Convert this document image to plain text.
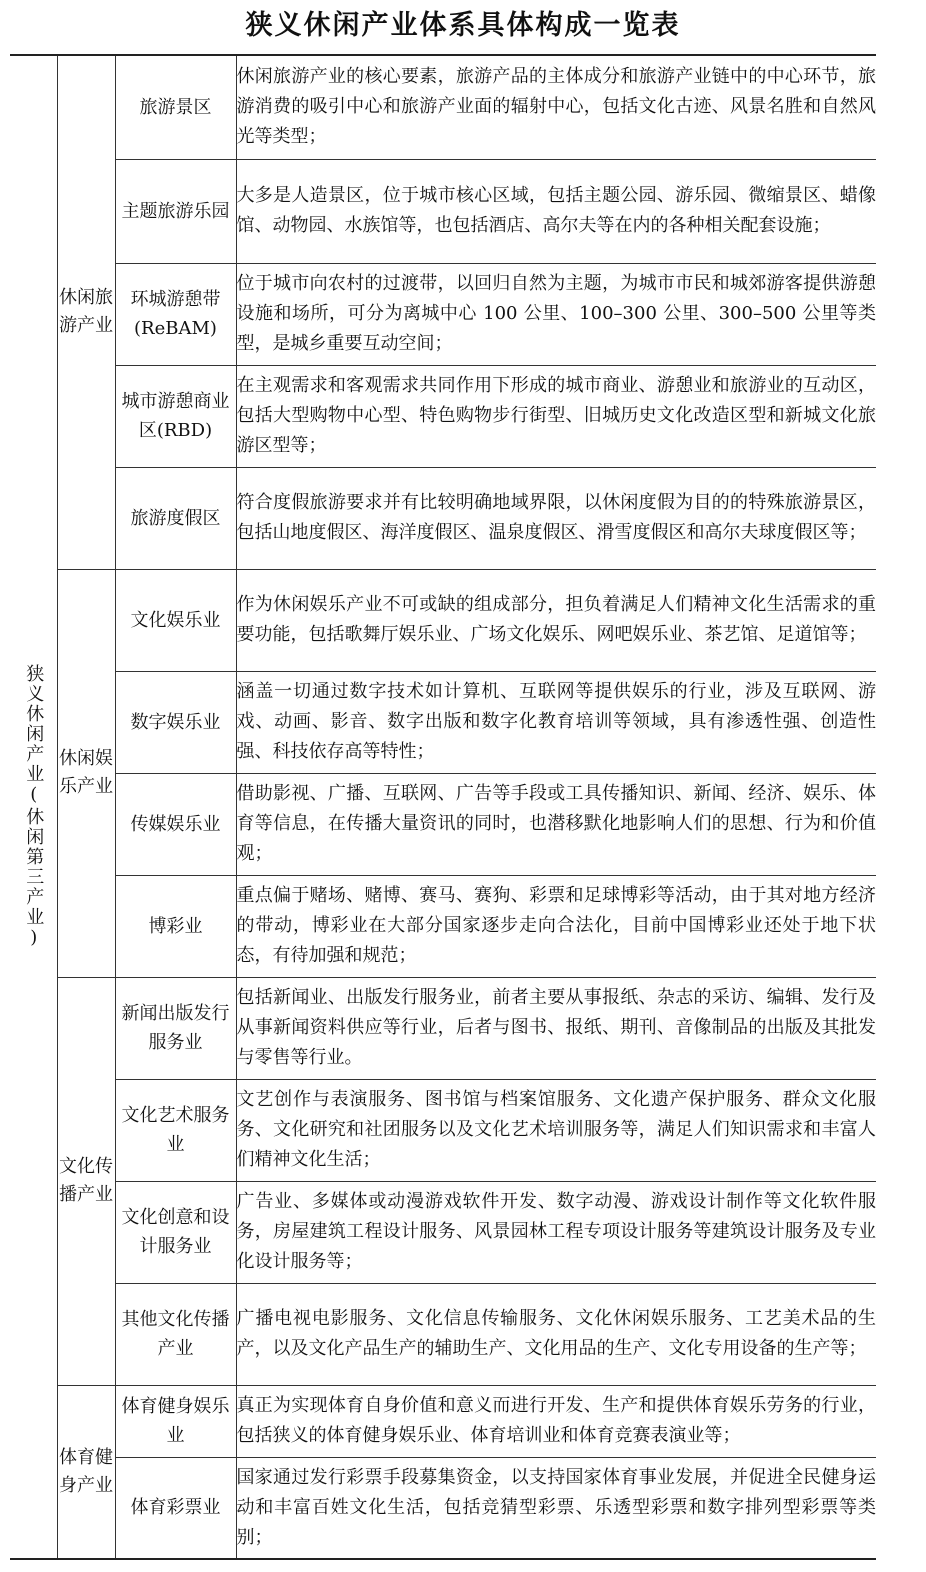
狭义休闲产业体系具体构成一览表
狭义休闲产业(休闲第三产业)	休闲旅游产业	旅游景区	休闲旅游产业的核心要素，旅游产品的主体成分和旅游产业链中的中心环节，旅游消费的吸引中心和旅游产业面的辐射中心，包括文化古迹、风景名胜和自然风光等类型；
		主题旅游乐园	大多是人造景区，位于城市核心区域，包括主题公园、游乐园、微缩景区、蜡像馆、动物园、水族馆等，也包括酒店、高尔夫等在内的各种相关配套设施；
		环城游憩带(ReBAM)	位于城市向农村的过渡带，以回归自然为主题，为城市市民和城郊游客提供游憩设施和场所，可分为离城中心 100 公里、100–300 公里、300–500 公里等类型，是城乡重要互动空间；
		城市游憩商业区(RBD)	在主观需求和客观需求共同作用下形成的城市商业、游憩业和旅游业的互动区，包括大型购物中心型、特色购物步行街型、旧城历史文化改造区型和新城文化旅游区型等；
		旅游度假区	符合度假旅游要求并有比较明确地域界限，以休闲度假为目的的特殊旅游景区，包括山地度假区、海洋度假区、温泉度假区、滑雪度假区和高尔夫球度假区等；
	休闲娱乐产业	文化娱乐业	作为休闲娱乐产业不可或缺的组成部分，担负着满足人们精神文化生活需求的重要功能，包括歌舞厅娱乐业、广场文化娱乐、网吧娱乐业、茶艺馆、足道馆等；
		数字娱乐业	涵盖一切通过数字技术如计算机、互联网等提供娱乐的行业，涉及互联网、游戏、动画、影音、数字出版和数字化教育培训等领域，具有渗透性强、创造性强、科技依存高等特性；
		传媒娱乐业	借助影视、广播、互联网、广告等手段或工具传播知识、新闻、经济、娱乐、体育等信息，在传播大量资讯的同时，也潜移默化地影响人们的思想、行为和价值观；
		博彩业	重点偏于赌场、赌博、赛马、赛狗、彩票和足球博彩等活动，由于其对地方经济的带动，博彩业在大部分国家逐步走向合法化，目前中国博彩业还处于地下状态，有待加强和规范；
	文化传播产业	新闻出版发行服务业	包括新闻业、出版发行服务业，前者主要从事报纸、杂志的采访、编辑、发行及从事新闻资料供应等行业，后者与图书、报纸、期刊、音像制品的出版及其批发与零售等行业。
		文化艺术服务业	文艺创作与表演服务、图书馆与档案馆服务、文化遗产保护服务、群众文化服务、文化研究和社团服务以及文化艺术培训服务等，满足人们知识需求和丰富人们精神文化生活；
		文化创意和设计服务业	广告业、多媒体或动漫游戏软件开发、数字动漫、游戏设计制作等文化软件服务，房屋建筑工程设计服务、风景园林工程专项设计服务等建筑设计服务及专业化设计服务等；
		其他文化传播产业	广播电视电影服务、文化信息传输服务、文化休闲娱乐服务、工艺美术品的生产，以及文化产品生产的辅助生产、文化用品的生产、文化专用设备的生产等；
	体育健身产业	体育健身娱乐业	真正为实现体育自身价值和意义而进行开发、生产和提供体育娱乐劳务的行业，包括狭义的体育健身娱乐业、体育培训业和体育竞赛表演业等；
		体育彩票业	国家通过发行彩票手段募集资金，以支持国家体育事业发展，并促进全民健身运动和丰富百姓文化生活，包括竞猜型彩票、乐透型彩票和数字排列型彩票等类别；
